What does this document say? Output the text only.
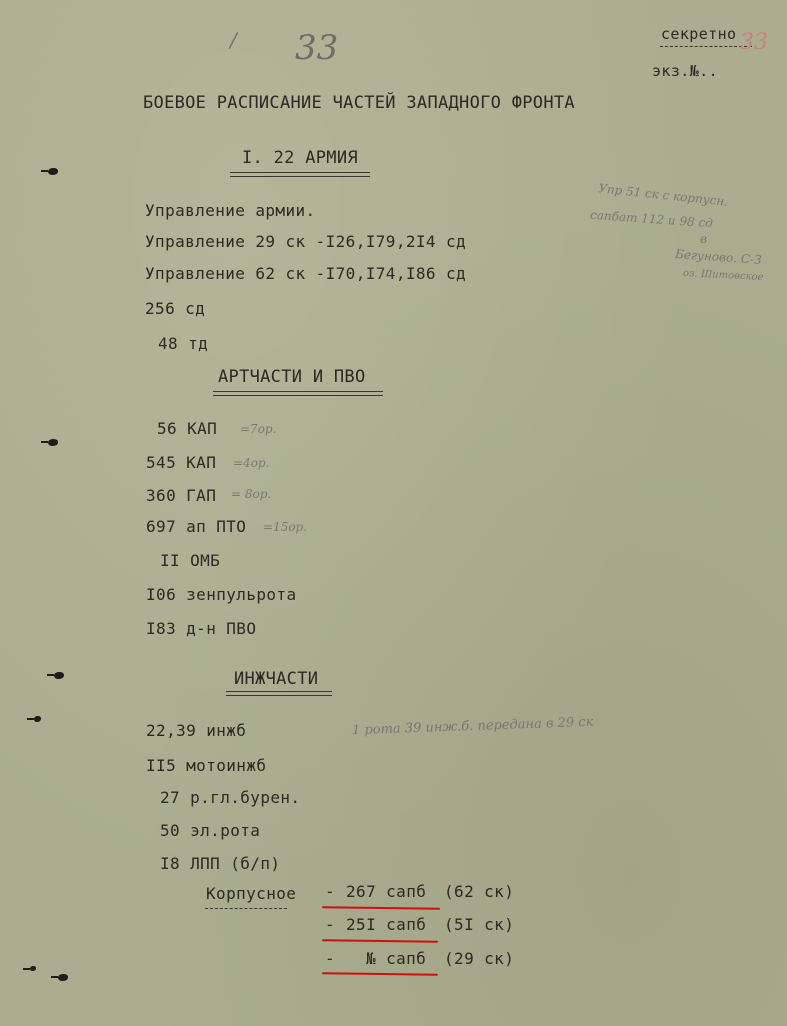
секретно
экз.№..
33
33
/
БОЕВОЕ РАСПИСАНИЕ ЧАСТЕЙ ЗАПАДНОГО ФРОНТА
I. 22 АРМИЯ
Управление армии.
Управление 29 ск -I26,I79,2I4 сд
Управление 62 ск -I70,I74,I86 сд
256 сд
48 тд
Упр 51 ск с корпусн.
сапбат 112 и 98 сд
в
Бегуново. С-З
оз. Шитовское
АРТЧАСТИ И ПВО
56 КАП
545 КАП
360 ГАП
697 ап ПТО
II ОМБ
I06 зенпульрота
I83 д-н ПВО
=7ор.
=4ор.
= 8ор.
=15ор.
ИНЖЧАСТИ
22,39 инжб
II5 мотоинжб
27 р.гл.бурен.
50 эл.рота
I8 ЛПП (б/п)
1 рота 39 инж.б. передана в 29 ск
Корпусное - 267 сапб (62 ск)
- 25I сапб (5I ск)
- № сапб (29 ск)
